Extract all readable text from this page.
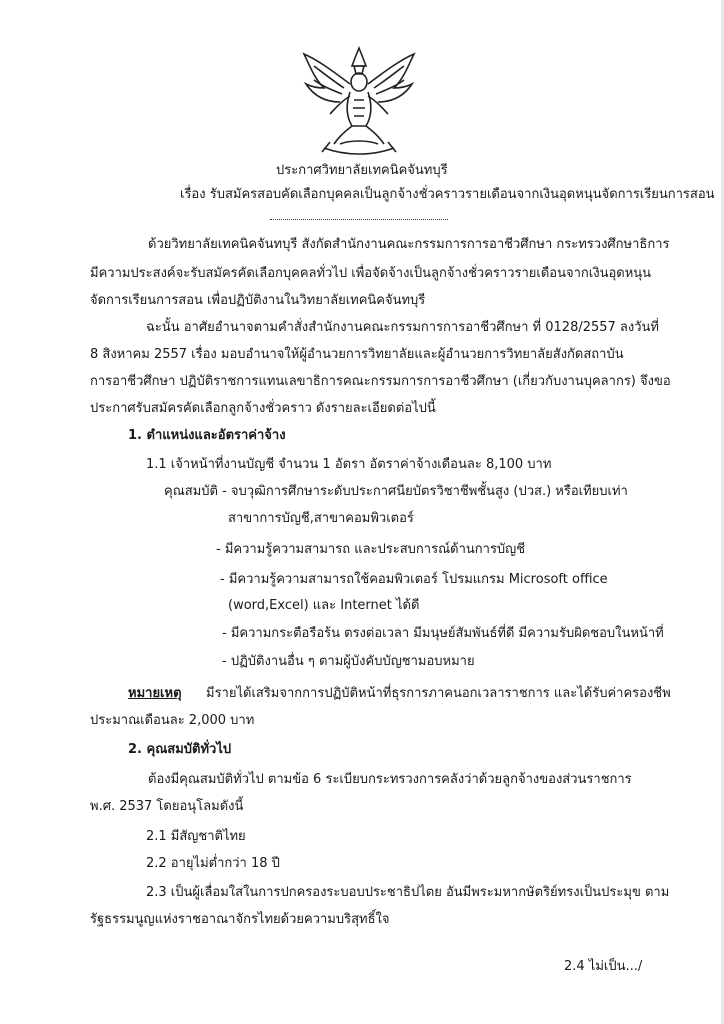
ประกาศวิทยาลัยเทคนิคจันทบุรี
เรื่อง รับสมัครสอบคัดเลือกบุคคลเป็นลูกจ้างชั่วคราวรายเดือนจากเงินอุดหนุนจัดการเรียนการสอน
ด้วยวิทยาลัยเทคนิคจันทบุรี สังกัดสำนักงานคณะกรรมการการอาชีวศึกษา กระทรวงศึกษาธิการ
มีความประสงค์จะรับสมัครคัดเลือกบุคคลทั่วไป เพื่อจัดจ้างเป็นลูกจ้างชั่วคราวรายเดือนจากเงินอุดหนุน
จัดการเรียนการสอน เพื่อปฏิบัติงานในวิทยาลัยเทคนิคจันทบุรี
ฉะนั้น อาศัยอำนาจตามคำสั่งสำนักงานคณะกรรมการการอาชีวศึกษา ที่ 0128/2557 ลงวันที่
8 สิงหาคม 2557 เรื่อง มอบอำนาจให้ผู้อำนวยการวิทยาลัยและผู้อำนวยการวิทยาลัยสังกัดสถาบัน
การอาชีวศึกษา ปฏิบัติราชการแทนเลขาธิการคณะกรรมการการอาชีวศึกษา (เกี่ยวกับงานบุคลากร) จึงขอ
ประกาศรับสมัครคัดเลือกลูกจ้างชั่วคราว ดังรายละเอียดต่อไปนี้
1. ตำแหน่งและอัตราค่าจ้าง
1.1 เจ้าหน้าที่งานบัญชี จำนวน 1 อัตรา อัตราค่าจ้างเดือนละ 8,100 บาท
คุณสมบัติ - จบวุฒิการศึกษาระดับประกาศนียบัตรวิชาชีพชั้นสูง (ปวส.) หรือเทียบเท่า
สาขาการบัญชี,สาขาคอมพิวเตอร์
- มีความรู้ความสามารถ และประสบการณ์ด้านการบัญชี
- มีความรู้ความสามารถใช้คอมพิวเตอร์ โปรมแกรม Microsoft office
(word,Excel) และ Internet ได้ดี
- มีความกระตือรือร้น ตรงต่อเวลา มีมนุษย์สัมพันธ์ที่ดี มีความรับผิดชอบในหน้าที่
- ปฏิบัติงานอื่น ๆ ตามผู้บังคับบัญชามอบหมาย
หมายเหตุ มีรายได้เสริมจากการปฏิบัติหน้าที่ธุรการภาคนอกเวลาราชการ และได้รับค่าครองชีพ
ประมาณเดือนละ 2,000 บาท
2. คุณสมบัติทั่วไป
ต้องมีคุณสมบัติทั่วไป ตามข้อ 6 ระเบียบกระทรวงการคลังว่าด้วยลูกจ้างของส่วนราชการ
พ.ศ. 2537 โดยอนุโลมดังนี้
2.1 มีสัญชาติไทย
2.2 อายุไม่ต่ำกว่า 18 ปี
2.3 เป็นผู้เลื่อมใสในการปกครองระบอบประชาธิปไตย อันมีพระมหากษัตริย์ทรงเป็นประมุข ตาม
รัฐธรรมนูญแห่งราชอาณาจักรไทยด้วยความบริสุทธิ์ใจ
2.4 ไม่เป็น.../
